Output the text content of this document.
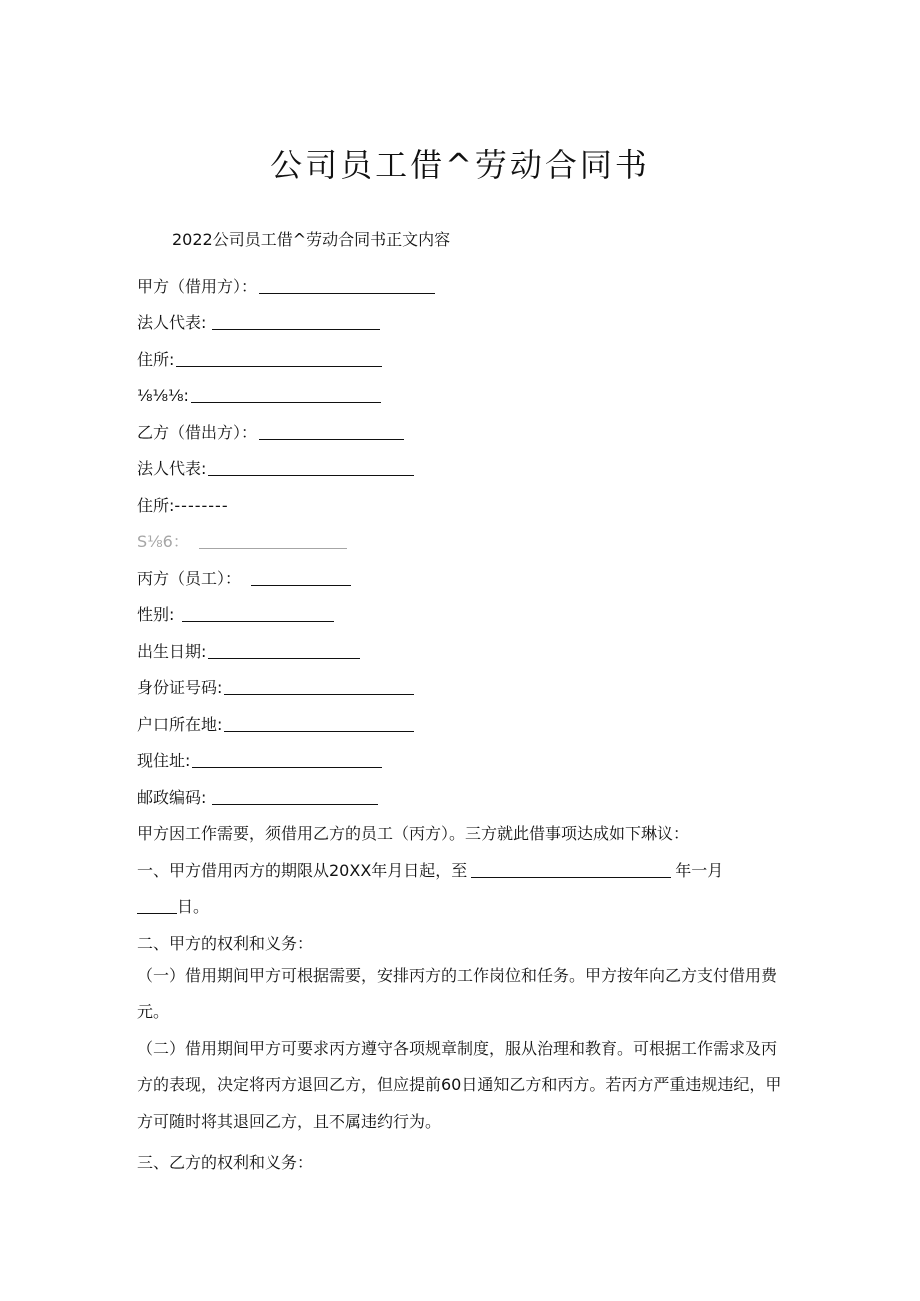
公司员工借^劳动合同书
2022公司员工借^劳动合同书正文内容
甲方（借用方）：
法人代表:
住所:
⅛⅛⅛:
乙方（借出方）：
法人代表:
住所: --------
S⅛6：
丙方（员工）：
性别:
出生日期:
身份证号码:
户口所在地:
现住址:
邮政编码:
甲方因工作需要，须借用乙方的员工（丙方）。三方就此借事项达成如下琳议：
一、甲方借用丙方的期限从20XX年月日起，至	年一月
日。
二、甲方的权利和义务：
（一）借用期间甲方可根据需要，安排丙方的工作岗位和任务。甲方按年向乙方支付借用费元。
（二）借用期间甲方可要求丙方遵守各项规章制度，服从治理和教育。可根据工作需求及丙方的表现，决定将丙方退回乙方，但应提前60日通知乙方和丙方。若丙方严重违规违纪，甲方可随时将其退回乙方，且不属违约行为。
三、乙方的权利和义务：
